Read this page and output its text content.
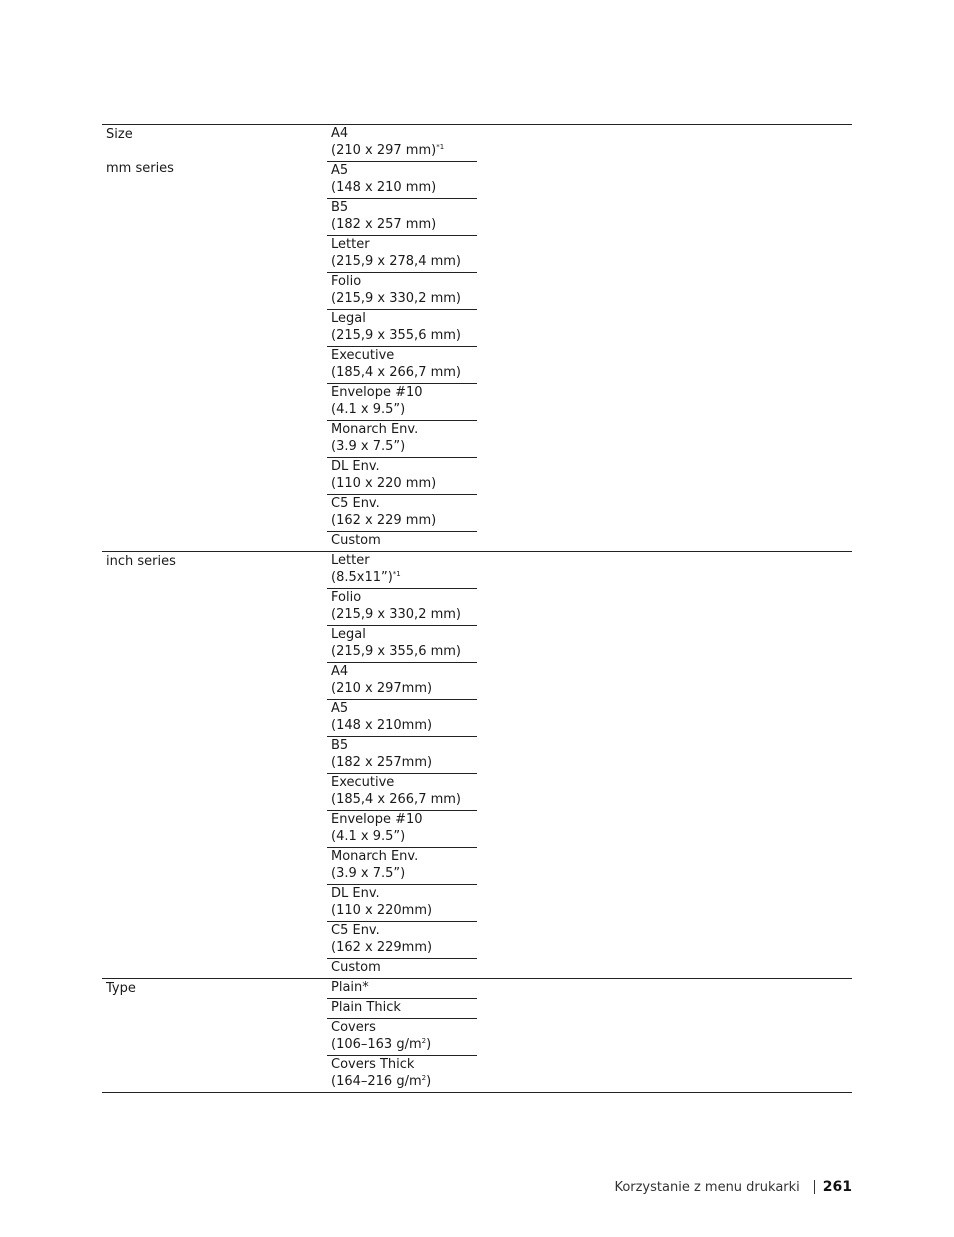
Size
mm series
A4
(210 x 297 mm)$^{*1}$
A5
(148 x 210 mm)
B5
(182 x 257 mm)
Letter
(215,9 x 278,4 mm)
Folio
(215,9 x 330,2 mm)
Legal
(215,9 x 355,6 mm)
Executive
(185,4 x 266,7 mm)
Envelope #10
(4.1 x 9.5”)
Monarch Env.
(3.9 x 7.5”)
DL Env.
(110 x 220 mm)
C5 Env.
(162 x 229 mm)
Custom
inch series	Letter
(8.5x11”)$^{*1}$
Folio
(215,9 x 330,2 mm)
Legal
(215,9 x 355,6 mm)
A4
(210 x 297mm)
A5
(148 x 210mm)
B5
(182 x 257mm)
Executive
(185,4 x 266,7 mm)
Envelope #10
(4.1 x 9.5”)
Monarch Env.
(3.9 x 7.5”)
DL Env.
(110 x 220mm)
C5 Env.
(162 x 229mm)
Custom
Type	Plain*
Plain Thick
Covers
(106–163 $g/m^2$)
Covers Thick
(164–216 $g/m^2$)
Korzystanie z menu drukarki 261
